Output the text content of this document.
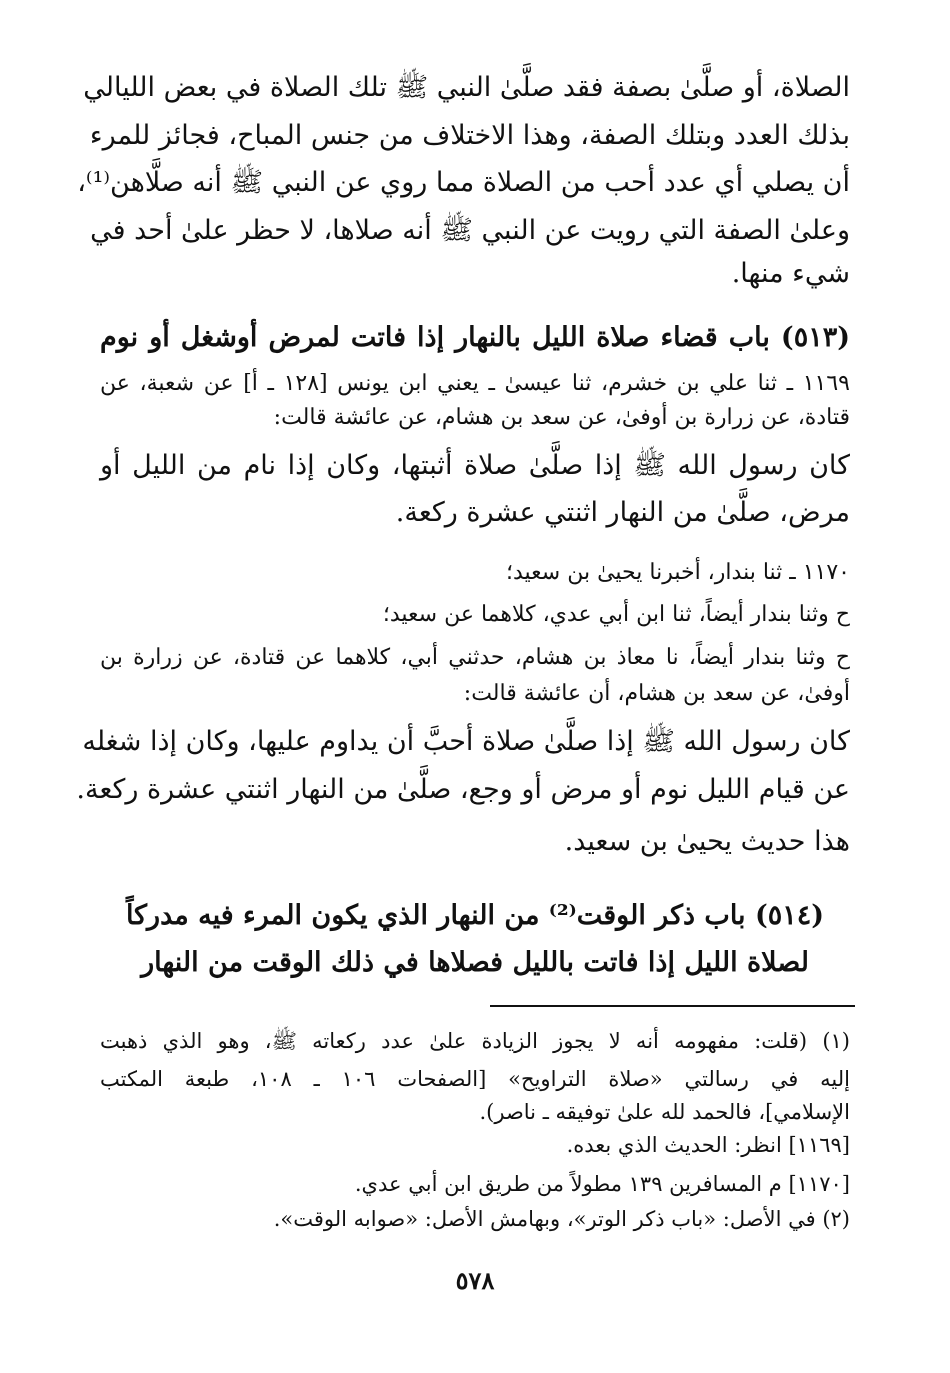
الصلاة، أو صلَّىٰ بصفة فقد صلَّىٰ النبي ﷺ تلك الصلاة في بعض الليالي
بذلك العدد وبتلك الصفة، وهذا الاختلاف من جنس المباح، فجائز للمرء
أن يصلي أي عدد أحب من الصلاة مما روي عن النبي ﷺ أنه صلَّاهن⁽¹⁾،
وعلىٰ الصفة التي رويت عن النبي ﷺ أنه صلاها، لا حظر علىٰ أحد في
شيء منها.
(٥١٣) باب قضاء صلاة الليل بالنهار إذا فاتت لمرض أوشغل أو نوم
١١٦٩ ـ ثنا علي بن خشرم، ثنا عيسىٰ ـ يعني ابن يونس [١٢٨ ـ أ] عن شعبة، عن
قتادة، عن زرارة بن أوفىٰ، عن سعد بن هشام، عن عائشة قالت:
كان رسول الله ﷺ إذا صلَّىٰ صلاة أثبتها، وكان إذا نام من الليل أو
مرض، صلَّىٰ من النهار اثنتي عشرة ركعة.
١١٧٠ ـ ثنا بندار، أخبرنا يحيىٰ بن سعيد؛
ح وثنا بندار أيضاً، ثنا ابن أبي عدي، كلاهما عن سعيد؛
ح وثنا بندار أيضاً، نا معاذ بن هشام، حدثني أبي، كلاهما عن قتادة، عن زرارة بن
أوفىٰ، عن سعد بن هشام، أن عائشة قالت:
كان رسول الله ﷺ إذا صلَّىٰ صلاة أحبَّ أن يداوم عليها، وكان إذا شغله
عن قيام الليل نوم أو مرض أو وجع، صلَّىٰ من النهار اثنتي عشرة ركعة.
هذا حديث يحيىٰ بن سعيد.
(٥١٤) باب ذكر الوقت⁽²⁾ من النهار الذي يكون المرء فيه مدركاً
لصلاة الليل إذا فاتت بالليل فصلاها في ذلك الوقت من النهار
(١) (قلت: مفهومه أنه لا يجوز الزيادة علىٰ عدد ركعاته ﷺ، وهو الذي ذهبت
إليه في رسالتي «صلاة التراويح» [الصفحات ١٠٦ ـ ١٠٨، طبعة المكتب
الإسلامي]، فالحمد لله علىٰ توفيقه ـ ناصر).
[١١٦٩] انظر: الحديث الذي بعده.
[١١٧٠] م المسافرين ١٣٩ مطولاً من طريق ابن أبي عدي.
(٢) في الأصل: «باب ذكر الوتر»، وبهامش الأصل: «صوابه الوقت».
٥٧٨
